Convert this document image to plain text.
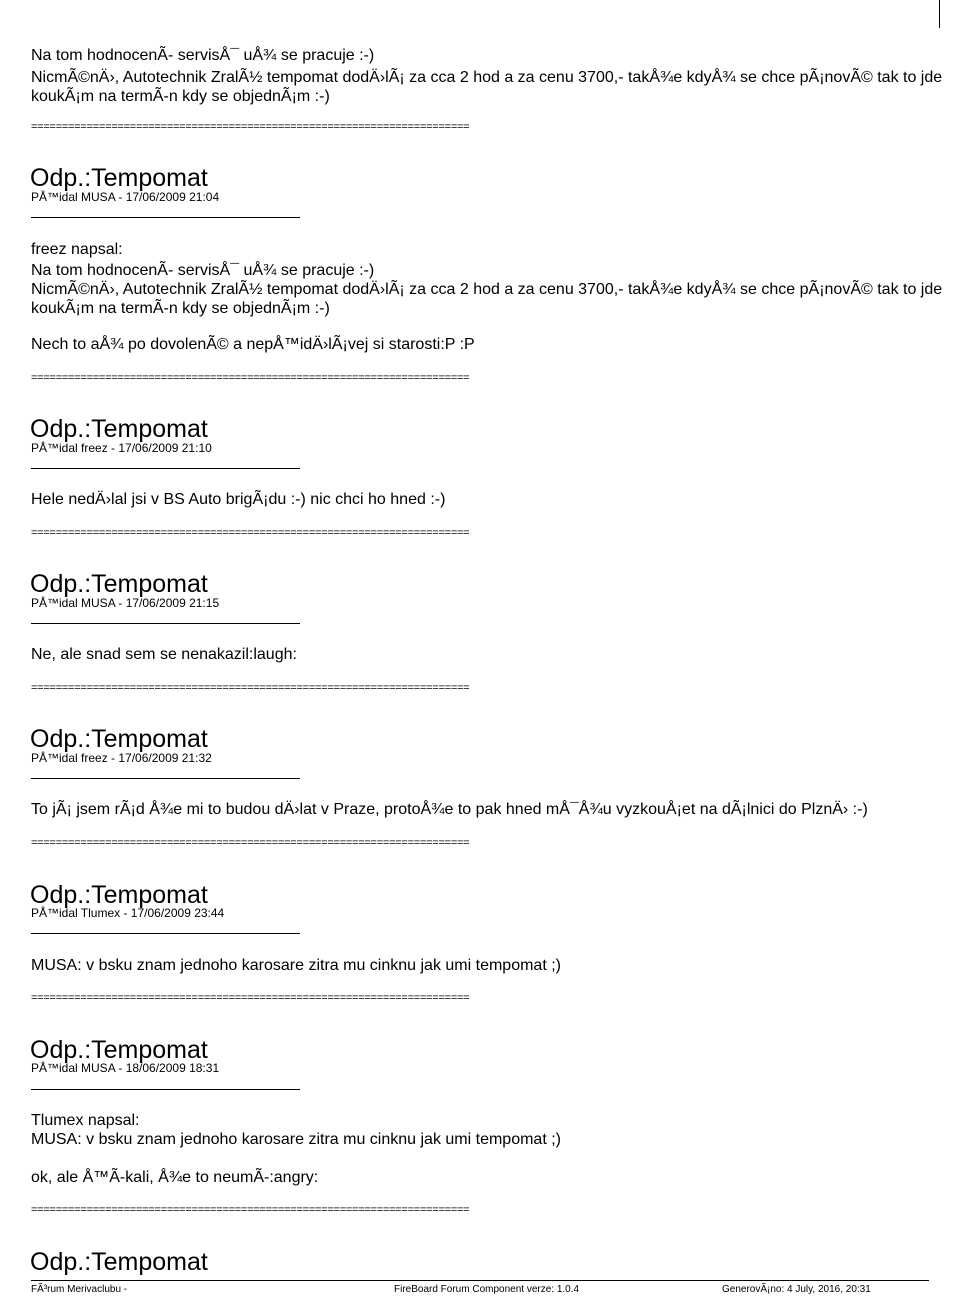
Na tom hodnocenÃ- servisÅ¯ uÅ¾ se pracuje :-)
NicmÃ©nÄ›, Autotechnik ZralÃ½ tempomat dodÄ›lÃ¡ za cca 2 hod a za cenu 3700,- takÅ¾e kdyÅ¾ se chce pÃ¡novÃ© tak to jde
koukÃ¡m na termÃ-n kdy se objednÃ¡m :-)
=======================================================================
Odp.:Tempomat
PÅ™idal MUSA - 17/06/2009 21:04
freez napsal:
Na tom hodnocenÃ- servisÅ¯ uÅ¾ se pracuje :-)
NicmÃ©nÄ›, Autotechnik ZralÃ½ tempomat dodÄ›lÃ¡ za cca 2 hod a za cenu 3700,- takÅ¾e kdyÅ¾ se chce pÃ¡novÃ© tak to jde
koukÃ¡m na termÃ-n kdy se objednÃ¡m :-)
Nech to aÅ¾ po dovolenÃ© a nepÅ™idÄ›lÃ¡vej si starosti:P :P
=======================================================================
Odp.:Tempomat
PÅ™idal freez - 17/06/2009 21:10
Hele nedÄ›lal jsi v BS Auto brigÃ¡du :-) nic chci ho hned :-)
=======================================================================
Odp.:Tempomat
PÅ™idal MUSA - 17/06/2009 21:15
Ne, ale snad sem se nenakazil:laugh:
=======================================================================
Odp.:Tempomat
PÅ™idal freez - 17/06/2009 21:32
To jÃ¡ jsem rÃ¡d Å¾e mi to budou dÄ›lat v Praze, protoÅ¾e to pak hned mÅ¯Å¾u vyzkouÅ¡et na dÃ¡lnici do PlznÄ› :-)
=======================================================================
Odp.:Tempomat
PÅ™idal Tlumex - 17/06/2009 23:44
MUSA: v bsku znam jednoho karosare zitra mu cinknu jak umi tempomat ;)
=======================================================================
Odp.:Tempomat
PÅ™idal MUSA - 18/06/2009 18:31
Tlumex napsal:
MUSA: v bsku znam jednoho karosare zitra mu cinknu jak umi tempomat ;)
ok, ale Å™Ã-kali, Å¾e to neumÃ-:angry:
=======================================================================
Odp.:Tempomat
FÃ³rum Merivaclubu -	FireBoard Forum Component verze: 1.0.4	GenerovÃ¡no: 4 July, 2016, 20:31
